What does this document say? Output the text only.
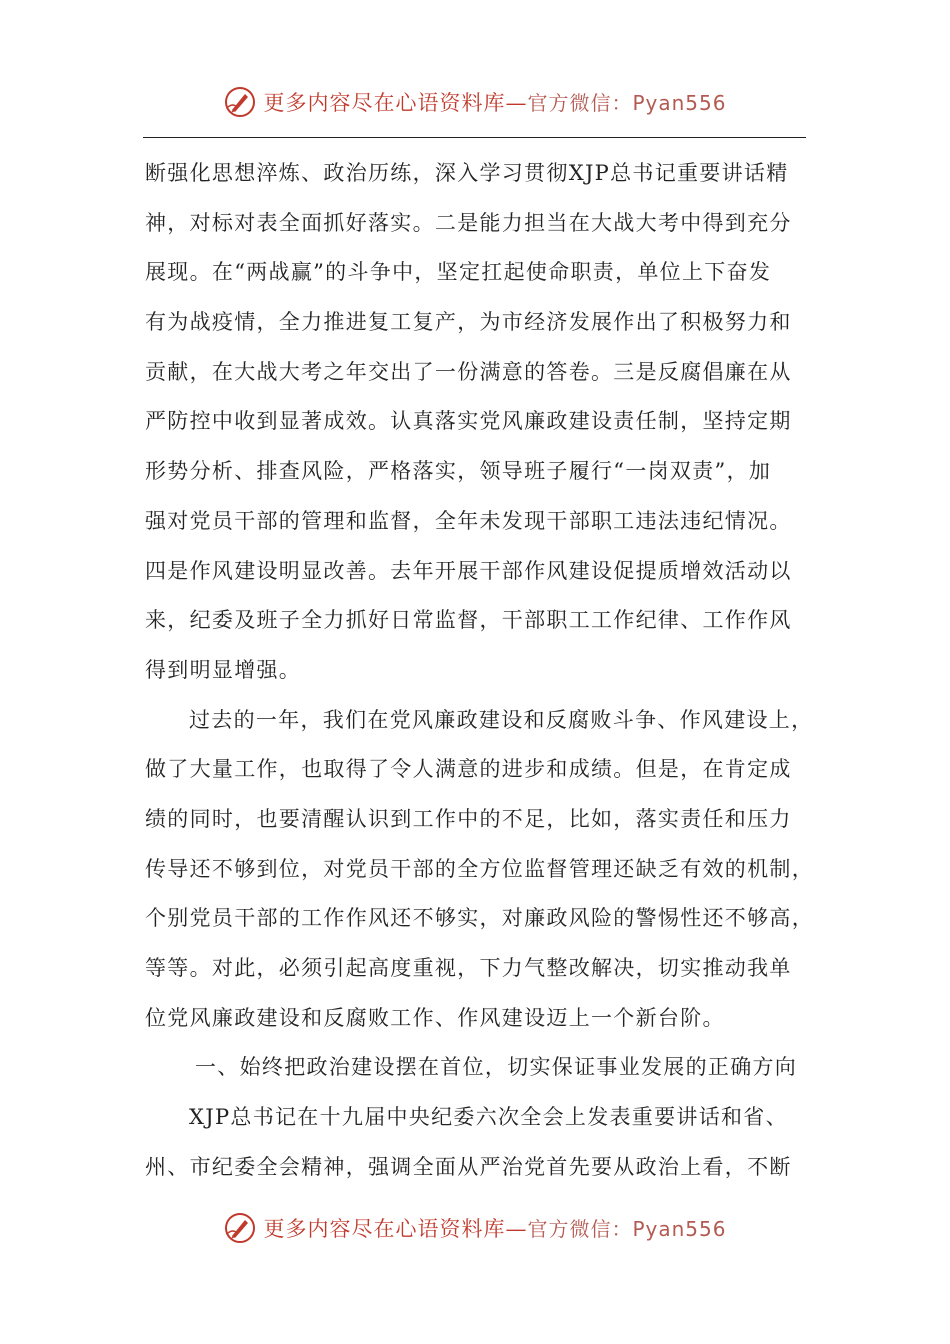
更多内容尽在心语资料库—官方微信：Pyan556
断强化思想淬炼、政治历练，深入学习贯彻XJP总书记重要讲话精
神，对标对表全面抓好落实。二是能力担当在大战大考中得到充分
展现。在“两战赢”的斗争中，坚定扛起使命职责，单位上下奋发
有为战疫情，全力推进复工复产，为市经济发展作出了积极努力和
贡献，在大战大考之年交出了一份满意的答卷。三是反腐倡廉在从
严防控中收到显著成效。认真落实党风廉政建设责任制，坚持定期
形势分析、排查风险，严格落实，领导班子履行“一岗双责”，加
强对党员干部的管理和监督，全年未发现干部职工违法违纪情况。
四是作风建设明显改善。去年开展干部作风建设促提质增效活动以
来，纪委及班子全力抓好日常监督，干部职工工作纪律、工作作风
得到明显增强。
过去的一年，我们在党风廉政建设和反腐败斗争、作风建设上，
做了大量工作，也取得了令人满意的进步和成绩。但是，在肯定成
绩的同时，也要清醒认识到工作中的不足，比如，落实责任和压力
传导还不够到位，对党员干部的全方位监督管理还缺乏有效的机制，
个别党员干部的工作作风还不够实，对廉政风险的警惕性还不够高，
等等。对此，必须引起高度重视，下力气整改解决，切实推动我单
位党风廉政建设和反腐败工作、作风建设迈上一个新台阶。
一、始终把政治建设摆在首位，切实保证事业发展的正确方向
XJP总书记在十九届中央纪委六次全会上发表重要讲话和省、
州、市纪委全会精神，强调全面从严治党首先要从政治上看，不断
更多内容尽在心语资料库—官方微信：Pyan556
